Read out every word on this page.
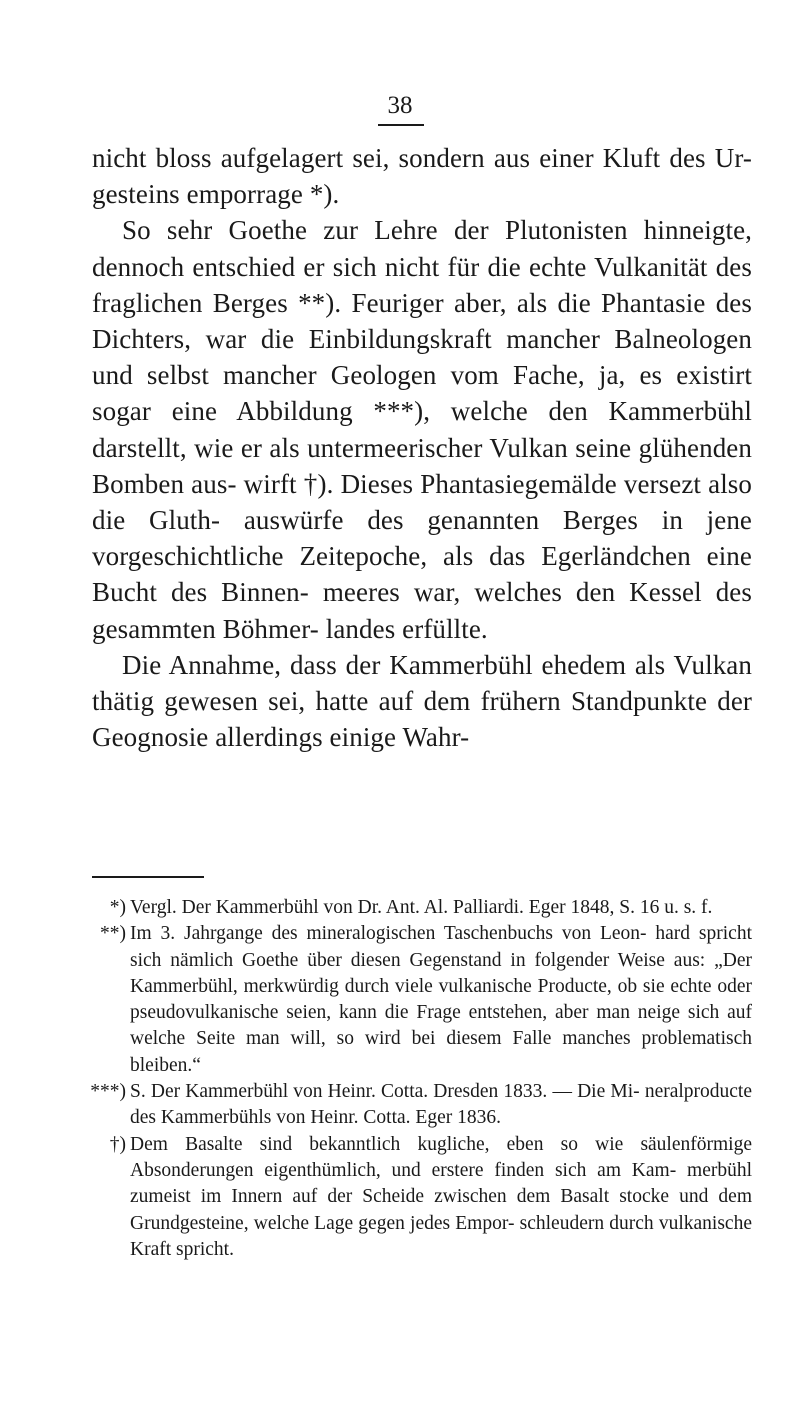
38

nicht bloss aufgelagert sei, sondern aus einer Kluft des Ur- gesteins emporrage *).

So sehr Goethe zur Lehre der Plutonisten hinneigte, dennoch entschied er sich nicht für die echte Vulkanität des fraglichen Berges **). Feuriger aber, als die Phantasie des Dichters, war die Einbildungskraft mancher Balneologen und selbst mancher Geologen vom Fache, ja, es existirt sogar eine Abbildung ***), welche den Kammerbühl darstellt, wie er als untermeerischer Vulkan seine glühenden Bomben aus- wirft †). Dieses Phantasiegemälde versezt also die Gluth- auswürfe des genannten Berges in jene vorgeschichtliche Zeitepoche, als das Egerländchen eine Bucht des Binnen- meeres war, welches den Kessel des gesammten Böhmer- landes erfüllte.

Die Annahme, dass der Kammerbühl ehedem als Vulkan thätig gewesen sei, hatte auf dem frühern Standpunkte der Geognosie allerdings einige Wahr-

*) Vergl. Der Kammerbühl von Dr. Ant. Al. Palliardi. Eger 1848, S. 16 u. s. f.
**) Im 3. Jahrgange des mineralogischen Taschenbuchs von Leon- hard spricht sich nämlich Goethe über diesen Gegenstand in folgender Weise aus: „Der Kammerbühl, merkwürdig durch viele vulkanische Producte, ob sie echte oder pseudovulkanische seien, kann die Frage entstehen, aber man neige sich auf welche Seite man will, so wird bei diesem Falle manches problematisch bleiben.“
***) S. Der Kammerbühl von Heinr. Cotta. Dresden 1833. — Die Mi- neralproducte des Kammerbühls von Heinr. Cotta. Eger 1836.
†) Dem Basalte sind bekanntlich kugliche, eben so wie säulenförmige Absonderungen eigenthümlich, und erstere finden sich am Kam- merbühl zumeist im Innern auf der Scheide zwischen dem Basalt stocke und dem Grundgesteine, welche Lage gegen jedes Empor- schleudern durch vulkanische Kraft spricht.
